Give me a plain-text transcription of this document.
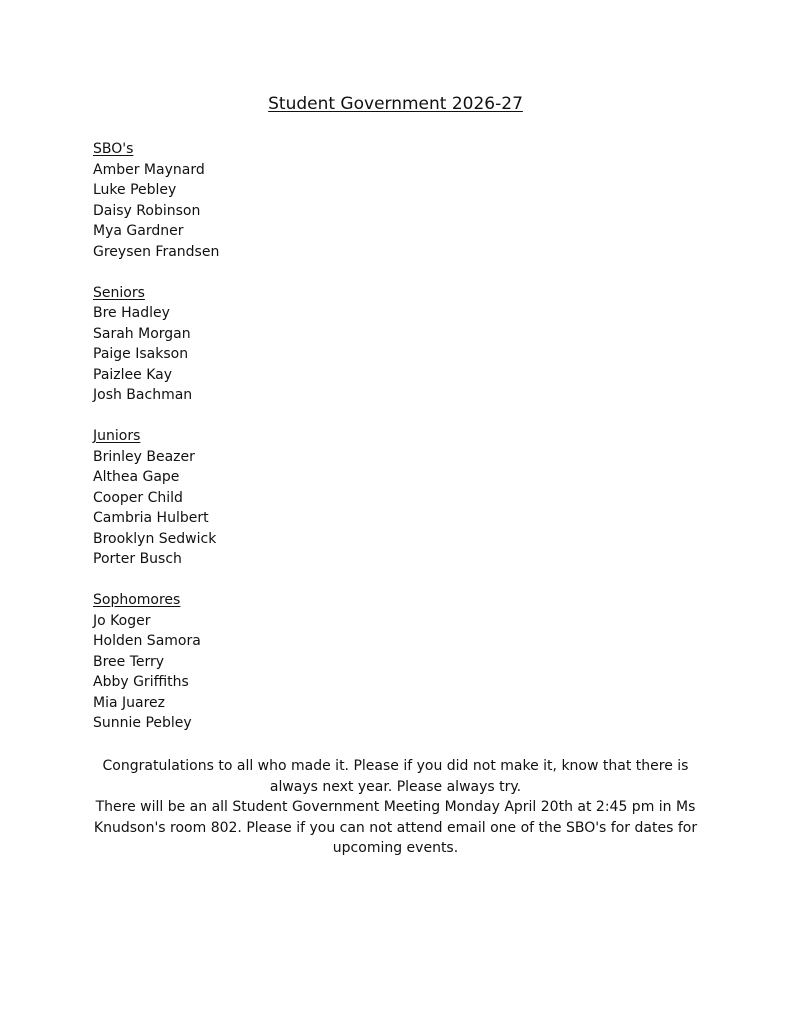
Student Government 2026-27
SBO's
Amber Maynard
Luke Pebley
Daisy Robinson
Mya Gardner
Greysen Frandsen
Seniors
Bre Hadley
Sarah Morgan
Paige Isakson
Paizlee Kay
Josh Bachman
Juniors
Brinley Beazer
Althea Gape
Cooper Child
Cambria Hulbert
Brooklyn Sedwick
Porter Busch
Sophomores
Jo Koger
Holden Samora
Bree Terry
Abby Griffiths
Mia Juarez
Sunnie Pebley

Congratulations to all who made it. Please if you did not make it, know that there is always next year. Please always try.

There will be an all Student Government Meeting Monday April 20th at 2:45 pm in Ms Knudson's room 802. Please if you can not attend email one of the SBO's for dates for upcoming events.
